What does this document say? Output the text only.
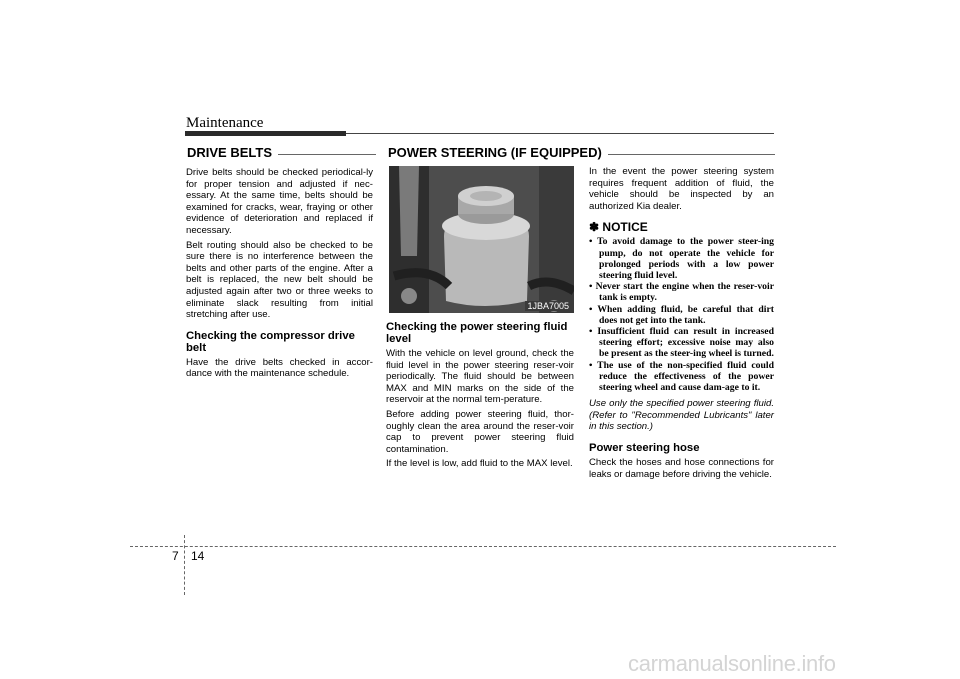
Maintenance
DRIVE BELTS

Drive belts should be checked periodical-ly for proper tension and adjusted if nec-essary. At the same time, belts should be examined for cracks, wear, fraying or other evidence of deterioration and replaced if necessary.

Belt routing should also be checked to be sure there is no interference between the belts and other parts of the engine. After a belt is replaced, the new belt should be adjusted again after two or three weeks to eliminate slack resulting from initial stretching after use.

Checking the compressor drive belt

Have the drive belts checked in accor-dance with the maintenance schedule.

POWER STEERING (IF EQUIPPED)
1JBA7005

Checking the power steering fluid level

With the vehicle on level ground, check the fluid level in the power steering reser-voir periodically. The fluid should be between MAX and MIN marks on the side of the reservoir at the normal tem-perature.

Before adding power steering fluid, thor-oughly clean the area around the reser-voir cap to prevent power steering fluid contamination.

If the level is low, add fluid to the MAX level.

In the event the power steering system requires frequent addition of fluid, the vehicle should be inspected by an authorized Kia dealer.

✽ NOTICE
• To avoid damage to the power steer-ing pump, do not operate the vehicle for prolonged periods with a low power steering fluid level.
• Never start the engine when the reser-voir tank is empty.
• When adding fluid, be careful that dirt does not get into the tank.
• Insufficient fluid can result in increased steering effort; excessive noise may also be present as the steer-ing wheel is turned.
• The use of the non-specified fluid could reduce the effectiveness of the power steering wheel and cause dam-age to it.

Use only the specified power steering fluid. (Refer to "Recommended Lubricants" later in this section.)

Power steering hose

Check the hoses and hose connections for leaks or damage before driving the vehicle.

7 14
carmanualsonline.info
